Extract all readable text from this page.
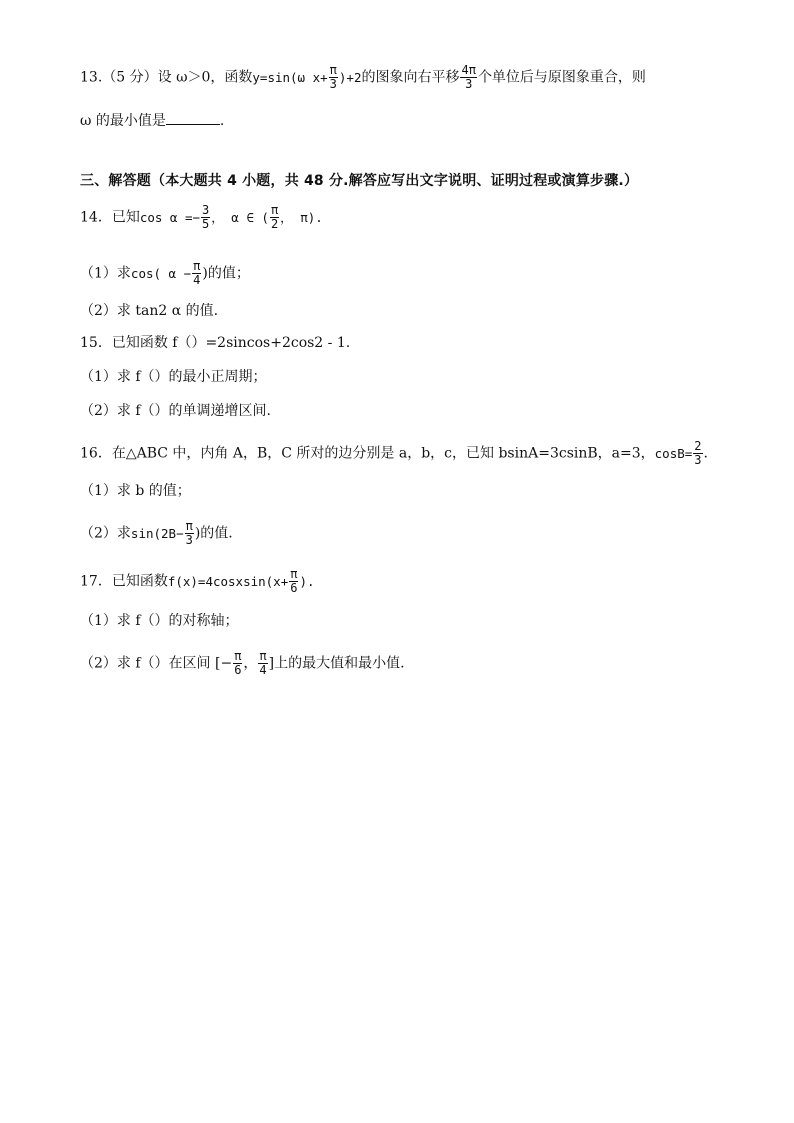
13.（5 分）设 ω＞0，函数y=sin(ω $x+ \frac{\pi}{3} )+2$的图象向右平移 $\frac{4\pi}{3}$ 个单位后与原图象重合，则
ω 的最小值是	.
三、解答题（本大题共 4 小题，共 48 分.解答应写出文字说明、证明过程或演算步骤.）
14．已知$\cos \alpha =- \frac{3}{5}$ ， α ∈ ( $\frac{\pi}{2}$ ， π).
（1）求cos( $\alpha - \frac{\pi}{4}$ )的值；
（2）求 tan2 α 的值.
15．已知函数 f（）=2sincos+2cos2 - 1.
（1）求 f（）的最小正周期；
（2）求 f（）的单调递增区间.
16．在△ABC 中，内角 A，B，C 所对的边分别是 a，b，c，已知 bsinA=3csinB，a=3，$\cos B= \frac{2}{3}$ .
（1）求 b 的值；
（2）求$\sin(2B- \frac{\pi}{3}$ )的值.
17．已知函数f(x)=4cosxsin(x+ $\frac{\pi}{6}$ ).
（1）求 f（）的对称轴；
（2）求 f（）在区间 [− $\frac{\pi}{6}$ ， $\frac{\pi}{4}$ ]上的最大值和最小值.
